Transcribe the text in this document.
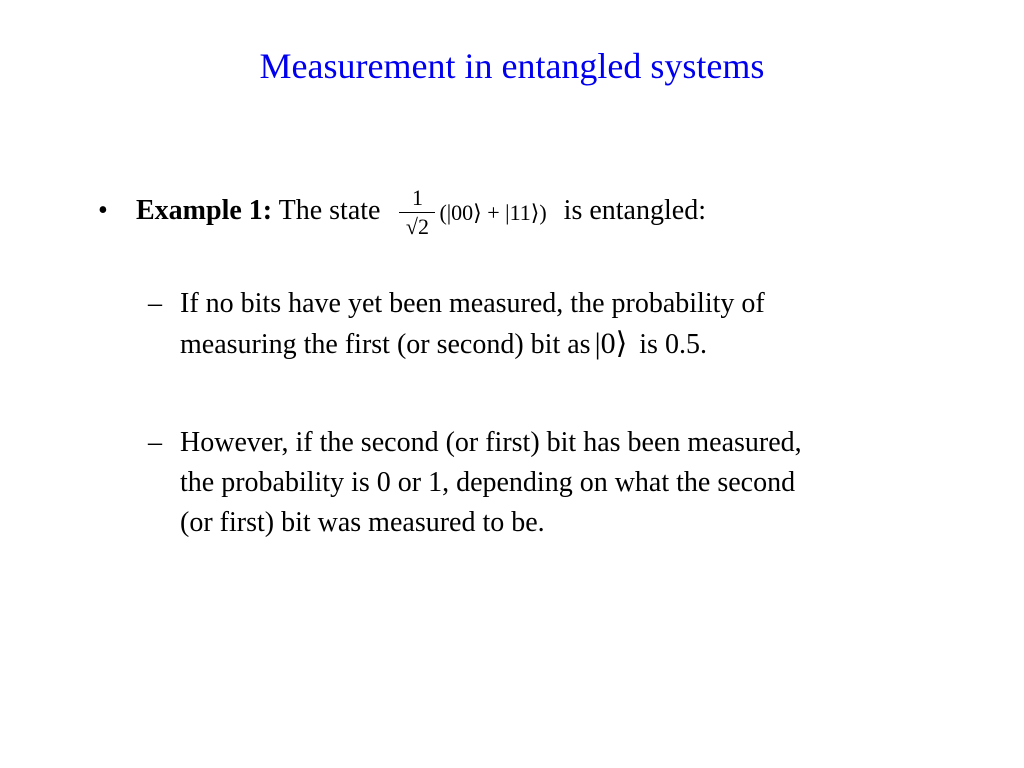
Measurement in entangled systems
• Example 1: The state $\frac{1}{√2}$ (|00⟩ + |11⟩) is entangled:
– If no bits have yet been measured, the probability of
measuring the first (or second) bit as |0⟩ is 0.5.
– However, if the second (or first) bit has been measured,
the probability is 0 or 1, depending on what the second
(or first) bit was measured to be.
